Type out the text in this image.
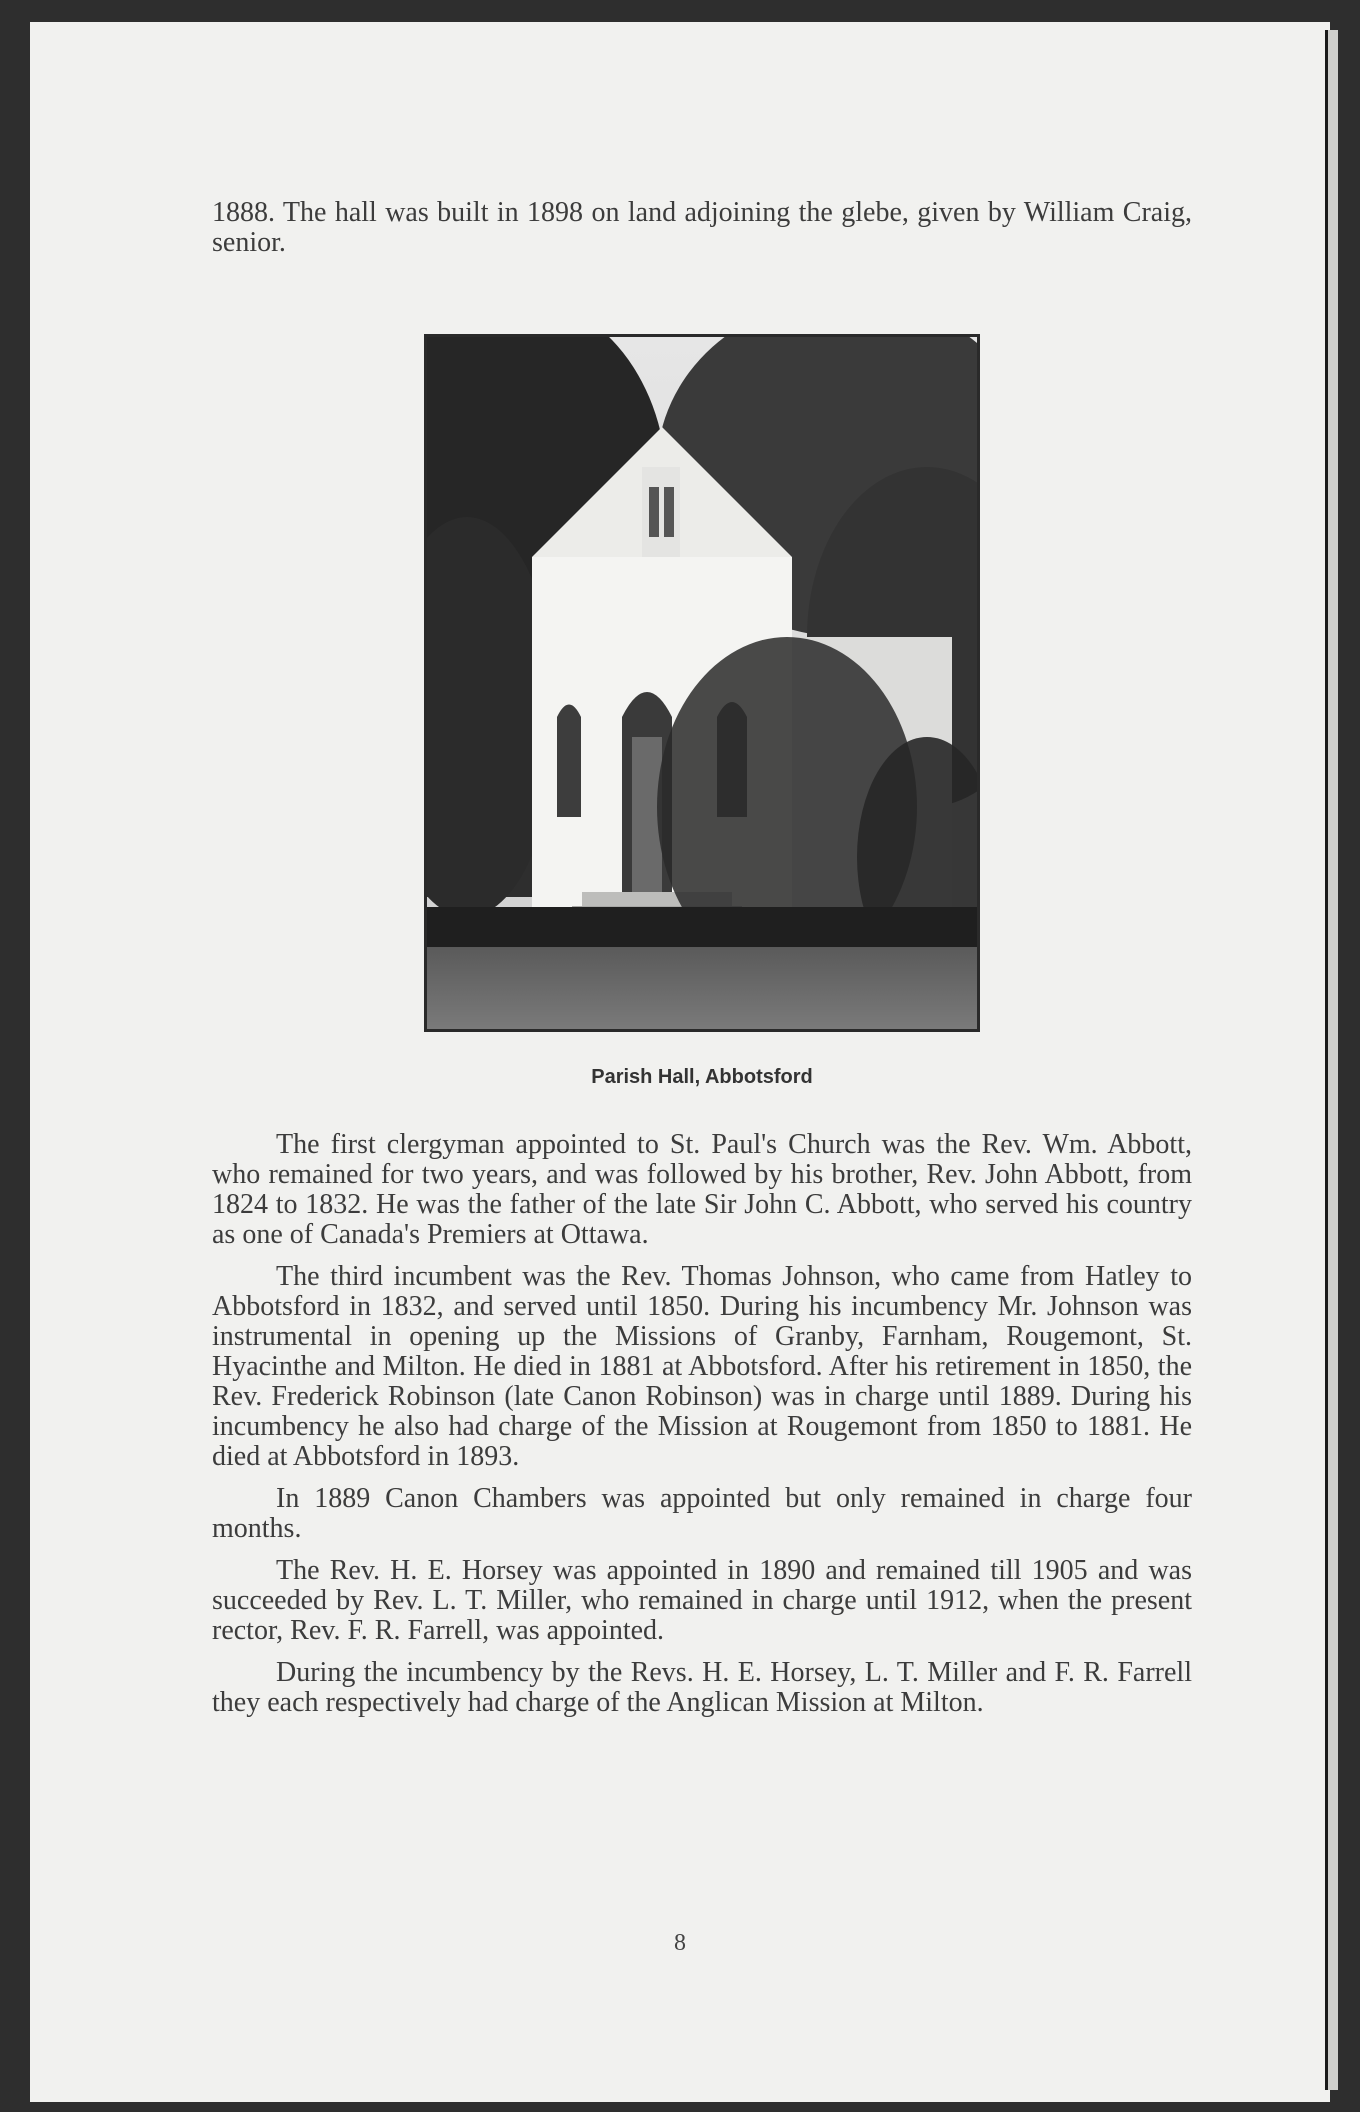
1888. The hall was built in 1898 on land adjoining the glebe, given by William Craig, senior.

Parish Hall, Abbotsford

The first clergyman appointed to St. Paul's Church was the Rev. Wm. Abbott, who remained for two years, and was followed by his brother, Rev. John Abbott, from 1824 to 1832. He was the father of the late Sir John C. Abbott, who served his country as one of Canada's Premiers at Ottawa.

The third incumbent was the Rev. Thomas Johnson, who came from Hatley to Abbotsford in 1832, and served until 1850. During his incumbency Mr. Johnson was instrumental in opening up the Missions of Granby, Farnham, Rougemont, St. Hyacinthe and Milton. He died in 1881 at Abbotsford. After his retirement in 1850, the Rev. Frederick Robinson (late Canon Robinson) was in charge until 1889. During his incumbency he also had charge of the Mission at Rougemont from 1850 to 1881. He died at Abbotsford in 1893.

In 1889 Canon Chambers was appointed but only remained in charge four months.

The Rev. H. E. Horsey was appointed in 1890 and remained till 1905 and was succeeded by Rev. L. T. Miller, who remained in charge until 1912, when the present rector, Rev. F. R. Farrell, was appointed.

During the incumbency by the Revs. H. E. Horsey, L. T. Miller and F. R. Farrell they each respectively had charge of the Anglican Mission at Milton.

8
